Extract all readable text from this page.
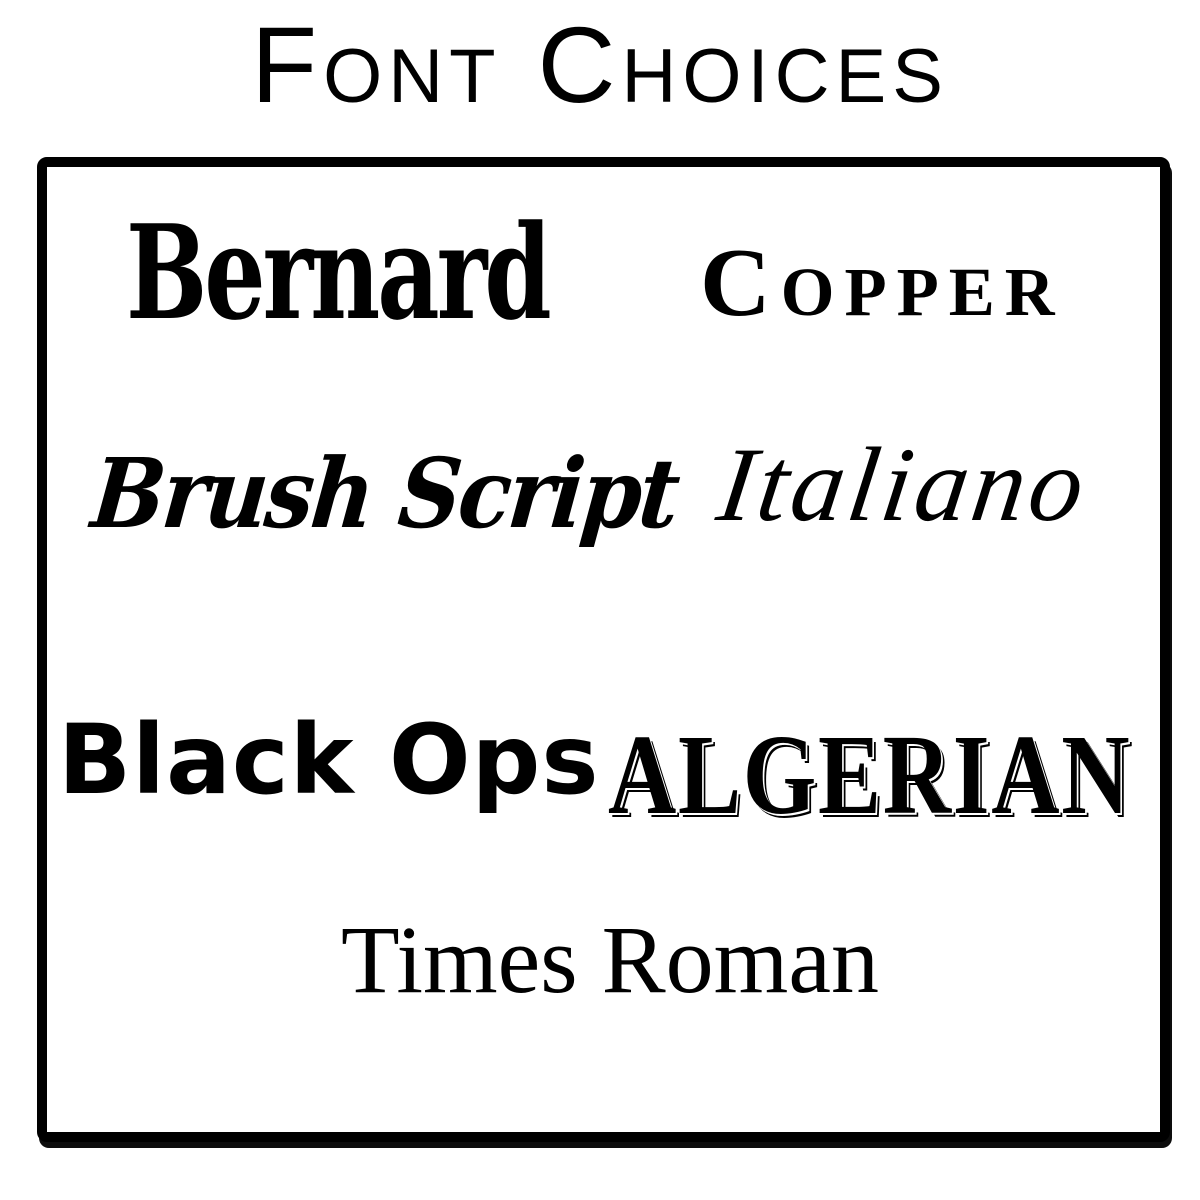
Font Choices
Bernard Copper
Brush Script Italiano
Black Ops ALGERIAN
Times Roman
